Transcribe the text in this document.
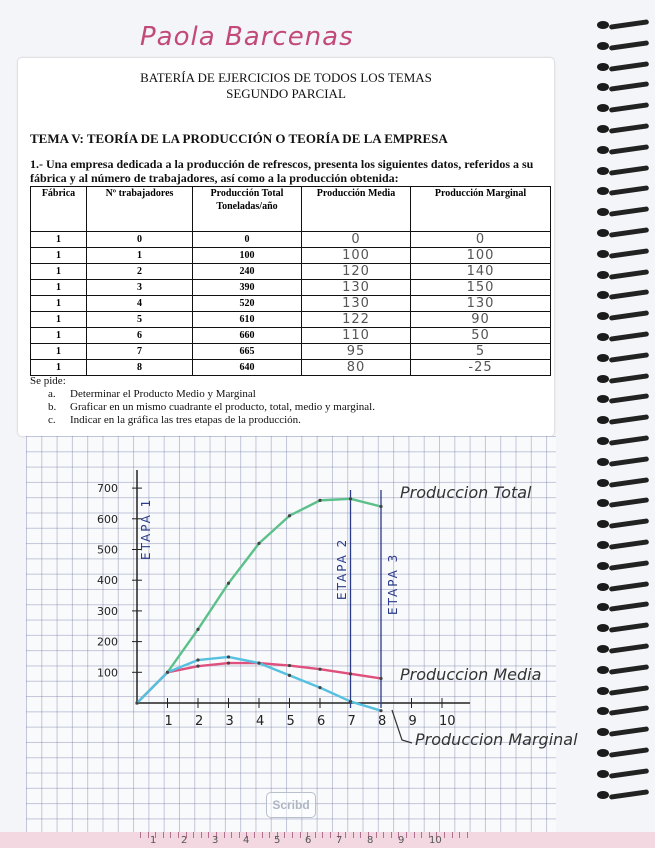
Paola Barcenas
BATERÍA DE EJERCICIOS DE TODOS LOS TEMAS
SEGUNDO PARCIAL
TEMA V: TEORÍA DE LA PRODUCCIÓN O TEORÍA DE LA EMPRESA
1.- Una empresa dedicada a la producción de refrescos, presenta los siguientes datos, referidos a su fábrica y al número de trabajadores, así como a la producción obtenida:
Fábrica	Nº trabajadores	Producción Total Toneladas/año	Producción Media	Producción Marginal
1	0	0	0	0
1	1	100	100	100
1	2	240	120	140
1	3	390	130	150
1	4	520	130	130
1	5	610	122	90
1	6	660	110	50
1	7	665	95	5
1	8	640	80	-25
Se pide:
a. Determinar el Producto Medio y Marginal
b. Graficar en un mismo cuadrante el producto, total, medio y marginal.
c. Indicar en la gráfica las tres etapas de la producción.
1 2 3 4 5 6 7 8 9 10
700
600
500
400
300
200
100
ETAPA 1
ETAPA 2	ETAPA 3
Produccion Total
Produccion Media
Produccion Marginal
Scribd
1 2 3 4 5 6 7 8 9 10
